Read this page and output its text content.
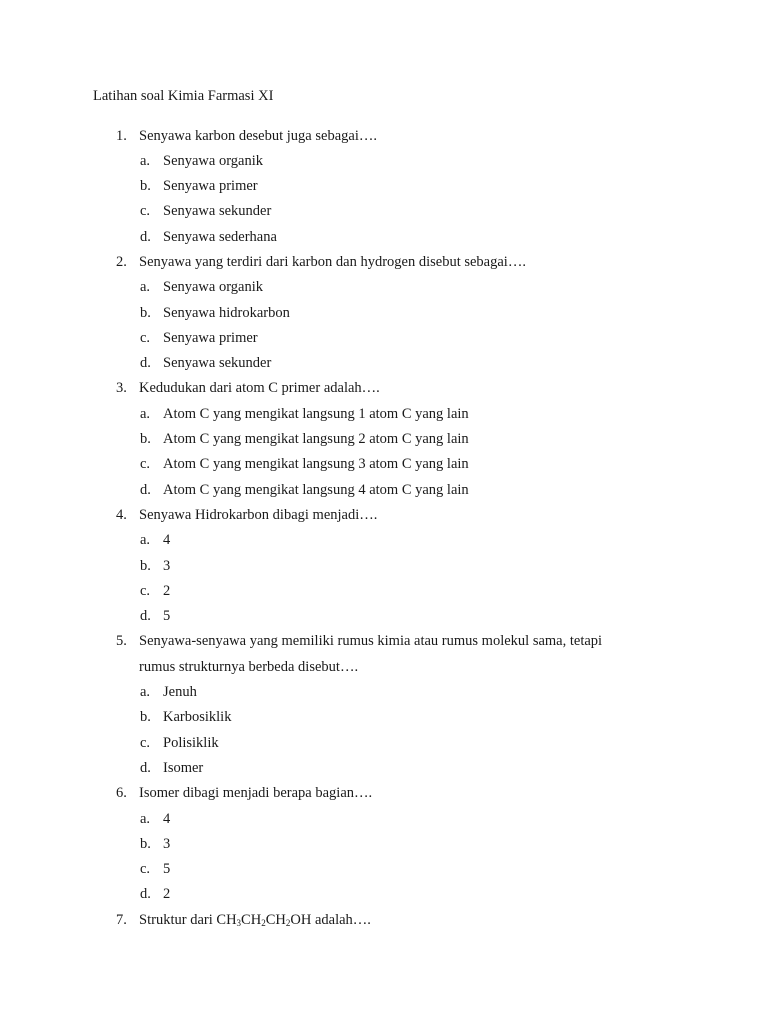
Latihan soal Kimia Farmasi XI
1. Senyawa karbon desebut juga sebagai….
a. Senyawa organik
b. Senyawa primer
c. Senyawa sekunder
d. Senyawa sederhana
2. Senyawa yang terdiri dari karbon dan hydrogen disebut sebagai….
a. Senyawa organik
b. Senyawa hidrokarbon
c. Senyawa primer
d. Senyawa sekunder
3. Kedudukan dari atom C primer adalah….
a. Atom C yang mengikat langsung 1 atom C yang lain
b. Atom C yang mengikat langsung 2 atom C yang lain
c. Atom C yang mengikat langsung 3 atom C yang lain
d. Atom C yang mengikat langsung 4 atom C yang lain
4. Senyawa Hidrokarbon dibagi menjadi….
a. 4
b. 3
c. 2
d. 5
5. Senyawa-senyawa yang memiliki rumus kimia atau rumus molekul sama, tetapi
rumus strukturnya berbeda disebut….
a. Jenuh
b. Karbosiklik
c. Polisiklik
d. Isomer
6. Isomer dibagi menjadi berapa bagian….
a. 4
b. 3
c. 5
d. 2
7. Struktur dari $CH_3CH_2CH_2OH$ adalah….
